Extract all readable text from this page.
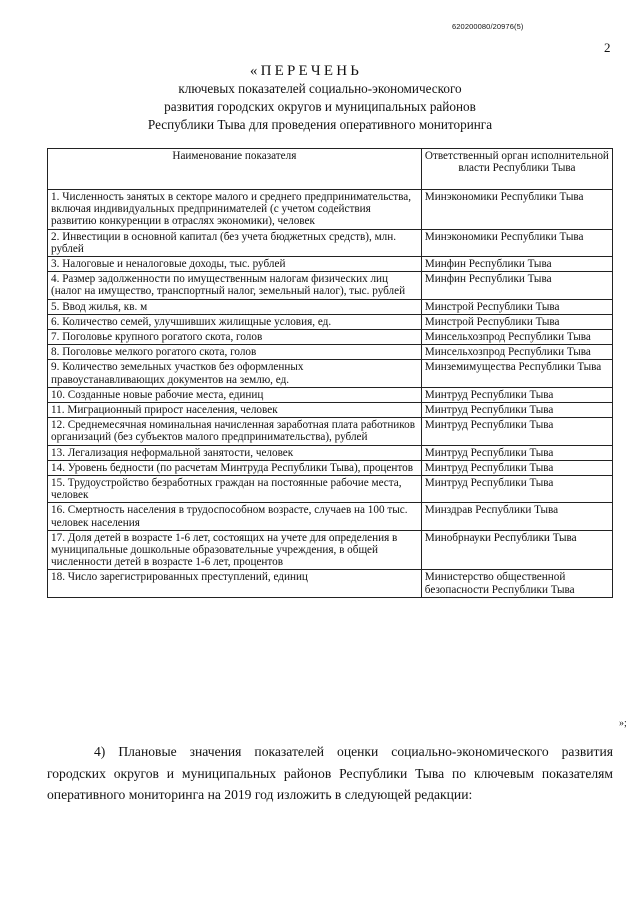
620200080/20976(5)
2
«ПЕРЕЧЕНЬ
ключевых показателей социально-экономического
развития городских округов и муниципальных районов
Республики Тыва для проведения оперативного мониторинга
Наименование показателя	Ответственный орган исполнительной власти Республики Тыва
1. Численность занятых в секторе малого и среднего предпринимательства, включая индивидуальных предпринимателей (с учетом содействия развитию конкуренции в отраслях экономики), человек	Минэкономики Республики Тыва
2. Инвестиции в основной капитал (без учета бюджетных средств), млн. рублей	Минэкономики Республики Тыва
3. Налоговые и неналоговые доходы, тыс. рублей	Минфин Республики Тыва
4. Размер задолженности по имущественным налогам физических лиц (налог на имущество, транспортный налог, земельный налог), тыс. рублей	Минфин Республики Тыва
5. Ввод жилья, кв. м	Минстрой Республики Тыва
6. Количество семей, улучшивших жилищные условия, ед.	Минстрой Республики Тыва
7. Поголовье крупного рогатого скота, голов	Минсельхозпрод Республики Тыва
8. Поголовье мелкого рогатого скота, голов	Минсельхозпрод Республики Тыва
9. Количество земельных участков без оформленных правоустанавливающих документов на землю, ед.	Минземимущества Республики Тыва
10. Созданные новые рабочие места, единиц	Минтруд Республики Тыва
11. Миграционный прирост населения, человек	Минтруд Республики Тыва
12. Среднемесячная номинальная начисленная заработная плата работников организаций (без субъектов малого предпринимательства), рублей	Минтруд Республики Тыва
13. Легализация неформальной занятости, человек	Минтруд Республики Тыва
14. Уровень бедности (по расчетам Минтруда Республики Тыва), процентов	Минтруд Республики Тыва
15. Трудоустройство безработных граждан на постоянные рабочие места, человек	Минтруд Республики Тыва
16. Смертность населения в трудоспособном возрасте, случаев на 100 тыс. человек населения	Минздрав Республики Тыва
17. Доля детей в возрасте 1-6 лет, состоящих на учете для определения в муниципальные дошкольные образовательные учреждения, в общей численности детей в возрасте 1-6 лет, процентов	Минобрнауки Республики Тыва
18. Число зарегистрированных преступлений, единиц	Министерство общественной безопасности Республики Тыва
»;
4) Плановые значения показателей оценки социально-экономического развития городских округов и муниципальных районов Республики Тыва по ключевым показателям оперативного мониторинга на 2019 год изложить в следующей редакции:
